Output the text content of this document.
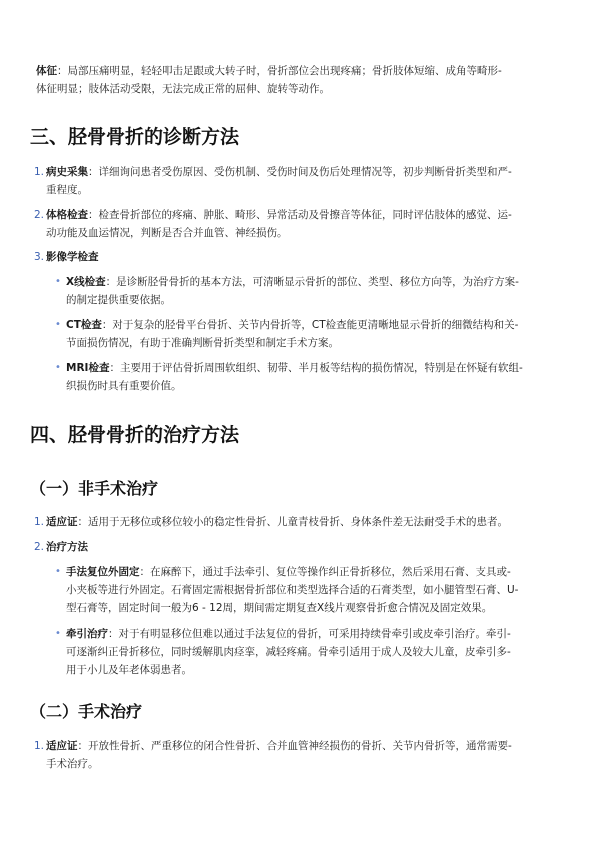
体征：局部压痛明显，轻轻叩击足跟或大转子时，骨折部位会出现疼痛；骨折肢体短缩、成角等畸形-
体征明显；肢体活动受限，无法完成正常的屈伸、旋转等动作。
三、胫骨骨折的诊断方法
1. 病史采集：详细询问患者受伤原因、受伤机制、受伤时间及伤后处理情况等，初步判断骨折类型和严-
重程度。
2. 体格检查：检查骨折部位的疼痛、肿胀、畸形、异常活动及骨擦音等体征，同时评估肢体的感觉、运-
动功能及血运情况，判断是否合并血管、神经损伤。
3. 影像学检查
• X线检查：是诊断胫骨骨折的基本方法，可清晰显示骨折的部位、类型、移位方向等，为治疗方案-
的制定提供重要依据。
• CT检查：对于复杂的胫骨平台骨折、关节内骨折等，CT检查能更清晰地显示骨折的细微结构和关-
节面损伤情况，有助于准确判断骨折类型和制定手术方案。
• MRI检查：主要用于评估骨折周围软组织、韧带、半月板等结构的损伤情况，特别是在怀疑有软组-
织损伤时具有重要价值。
四、胫骨骨折的治疗方法
（一）非手术治疗
1. 适应证：适用于无移位或移位较小的稳定性骨折、儿童青枝骨折、身体条件差无法耐受手术的患者。
2. 治疗方法
• 手法复位外固定：在麻醉下，通过手法牵引、复位等操作纠正骨折移位，然后采用石膏、支具或-
小夹板等进行外固定。石膏固定需根据骨折部位和类型选择合适的石膏类型，如小腿管型石膏、U-
型石膏等，固定时间一般为6 - 12周，期间需定期复查X线片观察骨折愈合情况及固定效果。
• 牵引治疗：对于有明显移位但难以通过手法复位的骨折，可采用持续骨牵引或皮牵引治疗。牵引-
可逐渐纠正骨折移位，同时缓解肌肉痉挛，减轻疼痛。骨牵引适用于成人及较大儿童，皮牵引多-
用于小儿及年老体弱患者。
（二）手术治疗
1. 适应证：开放性骨折、严重移位的闭合性骨折、合并血管神经损伤的骨折、关节内骨折等，通常需要-
手术治疗。
